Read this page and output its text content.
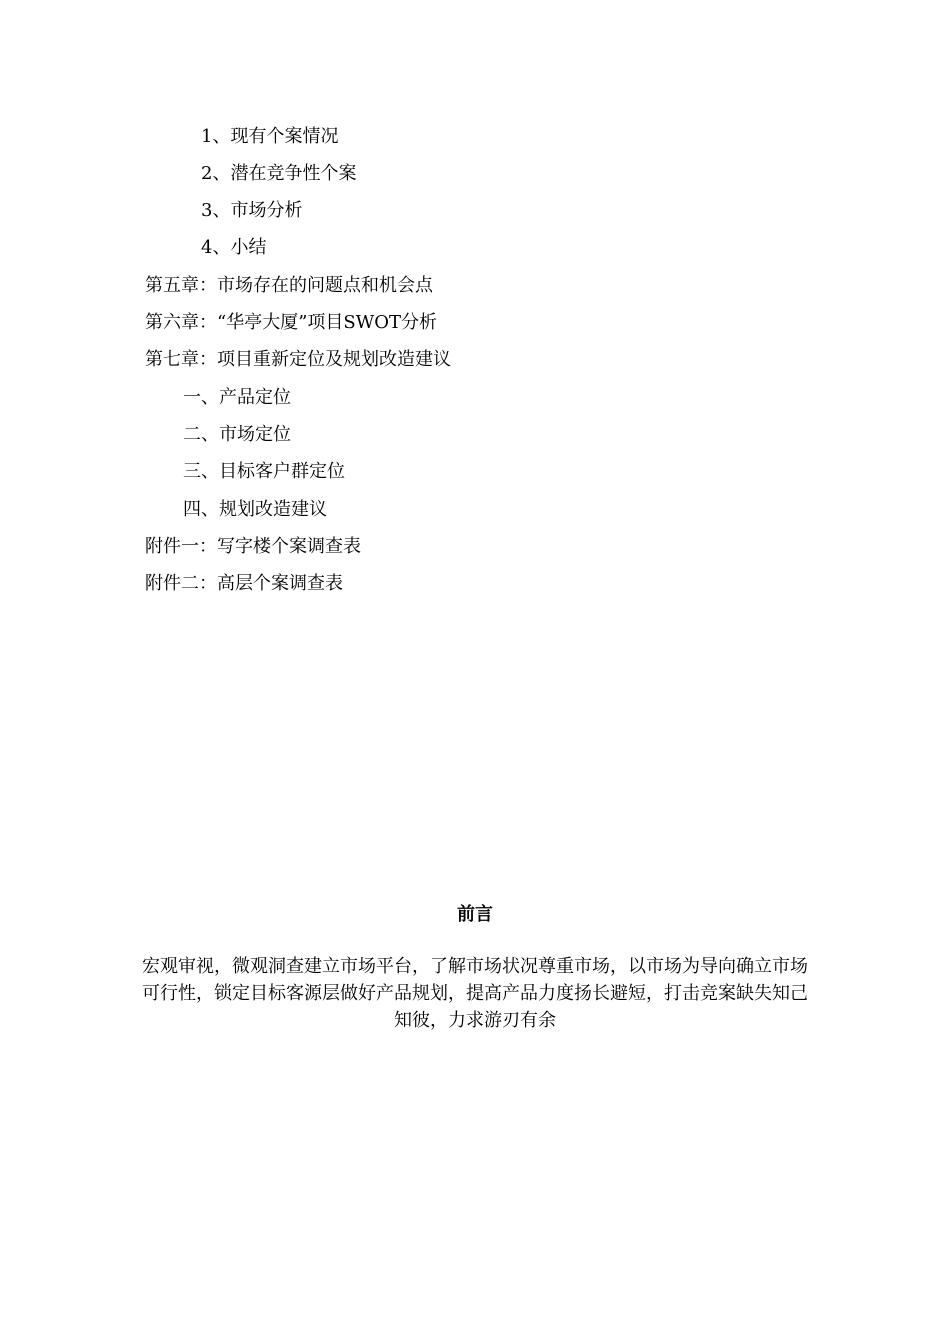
1、现有个案情况
2、潜在竞争性个案
3、市场分析
4、小结
第五章：市场存在的问题点和机会点
第六章：“华亭大厦”项目SWOT分析
第七章：项目重新定位及规划改造建议
一、产品定位
二、市场定位
三、目标客户群定位
四、规划改造建议
附件一：写字楼个案调查表
附件二：高层个案调查表
前言
宏观审视，微观洞查建立市场平台，了解市场状况尊重市场，以市场为导向确立市场可行性，锁定目标客源层做好产品规划，提高产品力度扬长避短，打击竞案缺失知己知彼，力求游刃有余
